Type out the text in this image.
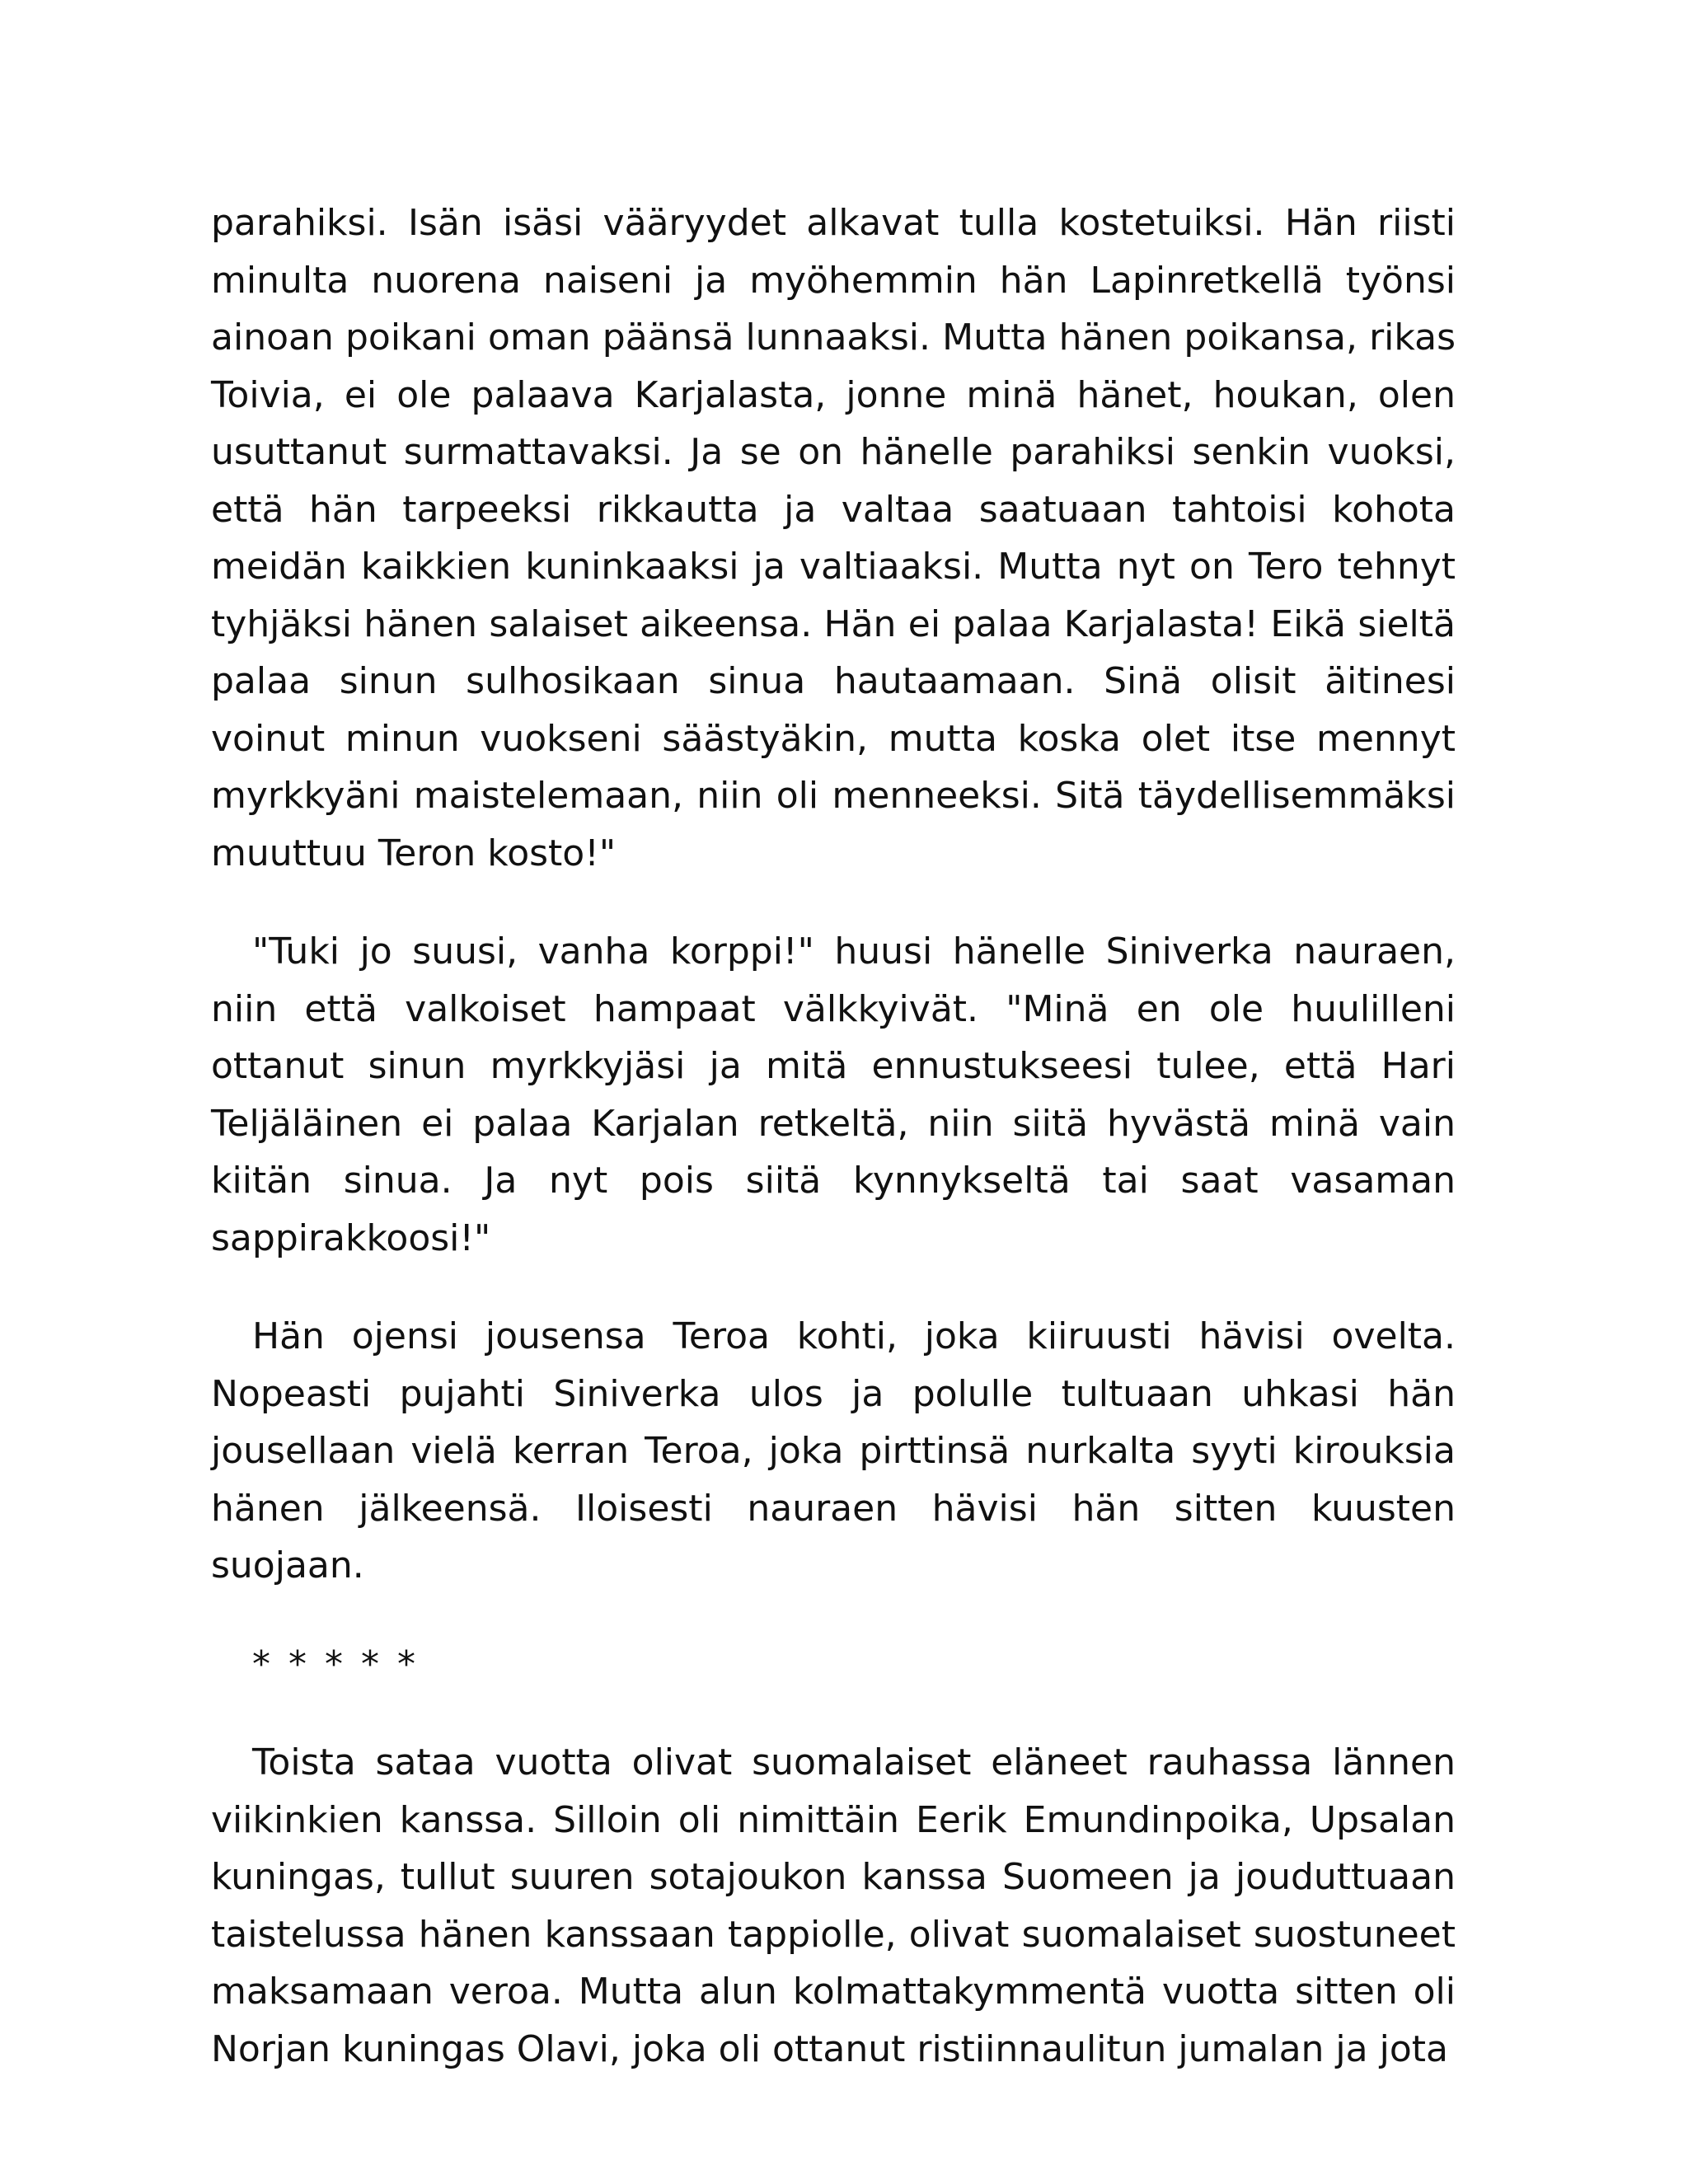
parahiksi. Isän isäsi vääryydet alkavat tulla kostetuiksi. Hän riisti minulta nuorena naiseni ja myöhemmin hän Lapinretkellä työnsi ainoan poikani oman päänsä lunnaaksi. Mutta hänen poikansa, rikas Toivia, ei ole palaava Karjalasta, jonne minä hänet, houkan, olen usuttanut surmattavaksi. Ja se on hänelle parahiksi senkin vuoksi, että hän tarpeeksi rikkautta ja valtaa saatuaan tahtoisi kohota meidän kaikkien kuninkaaksi ja valtiaaksi. Mutta nyt on Tero tehnyt tyhjäksi hänen salaiset aikeensa. Hän ei palaa Karjalasta! Eikä sieltä palaa sinun sulhosikaan sinua hautaamaan. Sinä olisit äitinesi voinut minun vuokseni säästyäkin, mutta koska olet itse mennyt myrkkyäni maistelemaan, niin oli menneeksi. Sitä täydellisemmäksi muuttuu Teron kosto!"

"Tuki jo suusi, vanha korppi!" huusi hänelle Siniverka nauraen, niin että valkoiset hampaat välkkyivät. "Minä en ole huulilleni ottanut sinun myrkkyjäsi ja mitä ennustukseesi tulee, että Hari Teljäläinen ei palaa Karjalan retkeltä, niin siitä hyvästä minä vain kiitän sinua. Ja nyt pois siitä kynnykseltä tai saat vasaman sappirakkoosi!"

Hän ojensi jousensa Teroa kohti, joka kiiruusti hävisi ovelta. Nopeasti pujahti Siniverka ulos ja polulle tultuaan uhkasi hän jousellaan vielä kerran Teroa, joka pirttinsä nurkalta syyti kirouksia hänen jälkeensä. Iloisesti nauraen hävisi hän sitten kuusten suojaan.

* * * * *

Toista sataa vuotta olivat suomalaiset eläneet rauhassa lännen viikinkien kanssa. Silloin oli nimittäin Eerik Emundinpoika, Upsalan kuningas, tullut suuren sotajoukon kanssa Suomeen ja jouduttuaan taistelussa hänen kanssaan tappiolle, olivat suomalaiset suostuneet maksamaan veroa. Mutta alun kolmattakymmentä vuotta sitten oli Norjan kuningas Olavi, joka oli ottanut ristiinnaulitun jumalan ja jota
